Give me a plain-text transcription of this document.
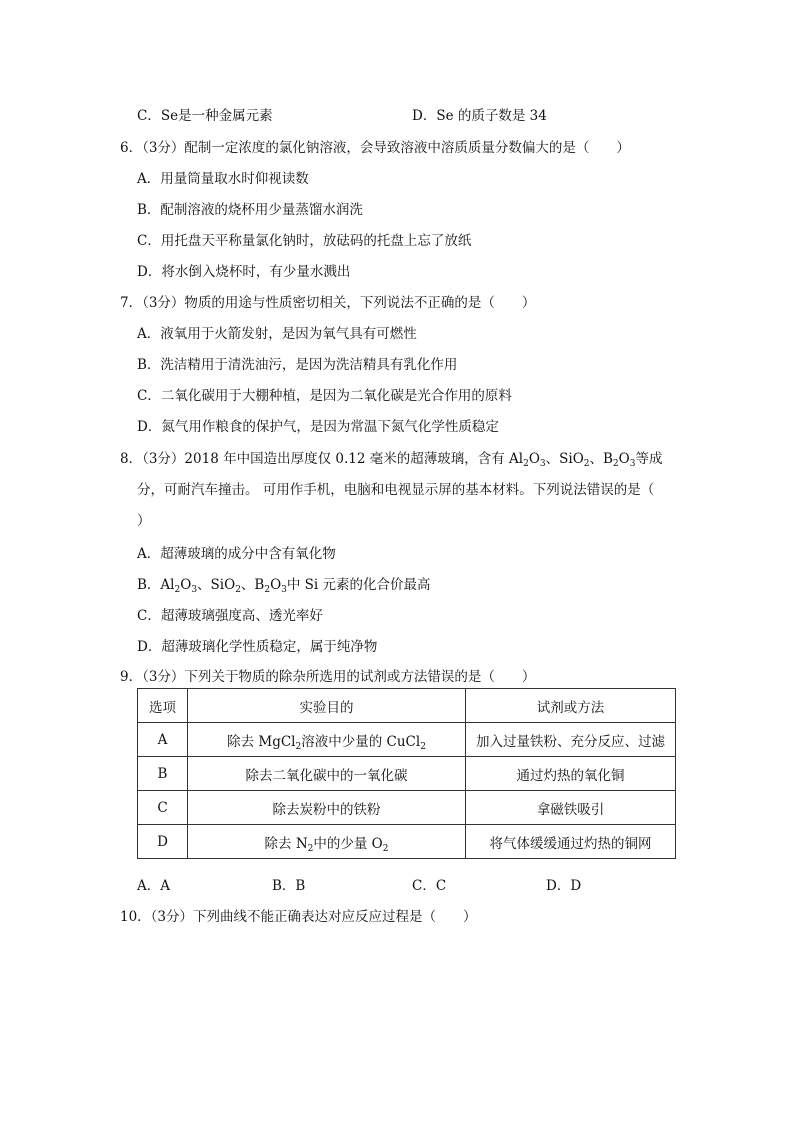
C．Se是一种金属元素	D．Se 的质子数是 34
6．（3分）配制一定浓度的氯化钠溶液，会导致溶液中溶质质量分数偏大的是（　　）
A．用量筒量取水时仰视读数
B．配制溶液的烧杯用少量蒸馏水润洗
C．用托盘天平称量氯化钠时，放砝码的托盘上忘了放纸
D．将水倒入烧杯时，有少量水溅出
7．（3分）物质的用途与性质密切相关，下列说法不正确的是（　　）
A．液氧用于火箭发射，是因为氧气具有可燃性
B．洗洁精用于清洗油污，是因为洗洁精具有乳化作用
C．二氧化碳用于大棚种植，是因为二氧化碳是光合作用的原料
D．氮气用作粮食的保护气，是因为常温下氮气化学性质稳定
8．（3分）2018 年中国造出厚度仅 0.12 毫米的超薄玻璃，含有 $Al_2O_3$、SiO$_2$、$B_2O_3$等成
分，可耐汽车撞击。 可用作手机，电脑和电视显示屏的基本材料。下列说法错误的是（
）
A．超薄玻璃的成分中含有氧化物
B．$Al_2O_3$、SiO$_2$、$B_2O_3$中 Si 元素的化合价最高
C．超薄玻璃强度高、透光率好
D．超薄玻璃化学性质稳定，属于纯净物
9．（3分）下列关于物质的除杂所选用的试剂或方法错误的是（　　）
选项	实验目的	试剂或方法
A	除去 MgCl$_2$溶液中少量的 CuCl$_2$	加入过量铁粉、充分反应、过滤
B	除去二氧化碳中的一氧化碳	通过灼热的氧化铜
C	除去炭粉中的铁粉	拿磁铁吸引
D	除去 $N_2$中的少量 $O_2$	将气体缓缓通过灼热的铜网
A．A	B．B	C．C	D．D
10．（3分）下列曲线不能正确表达对应反应过程是（　　）
